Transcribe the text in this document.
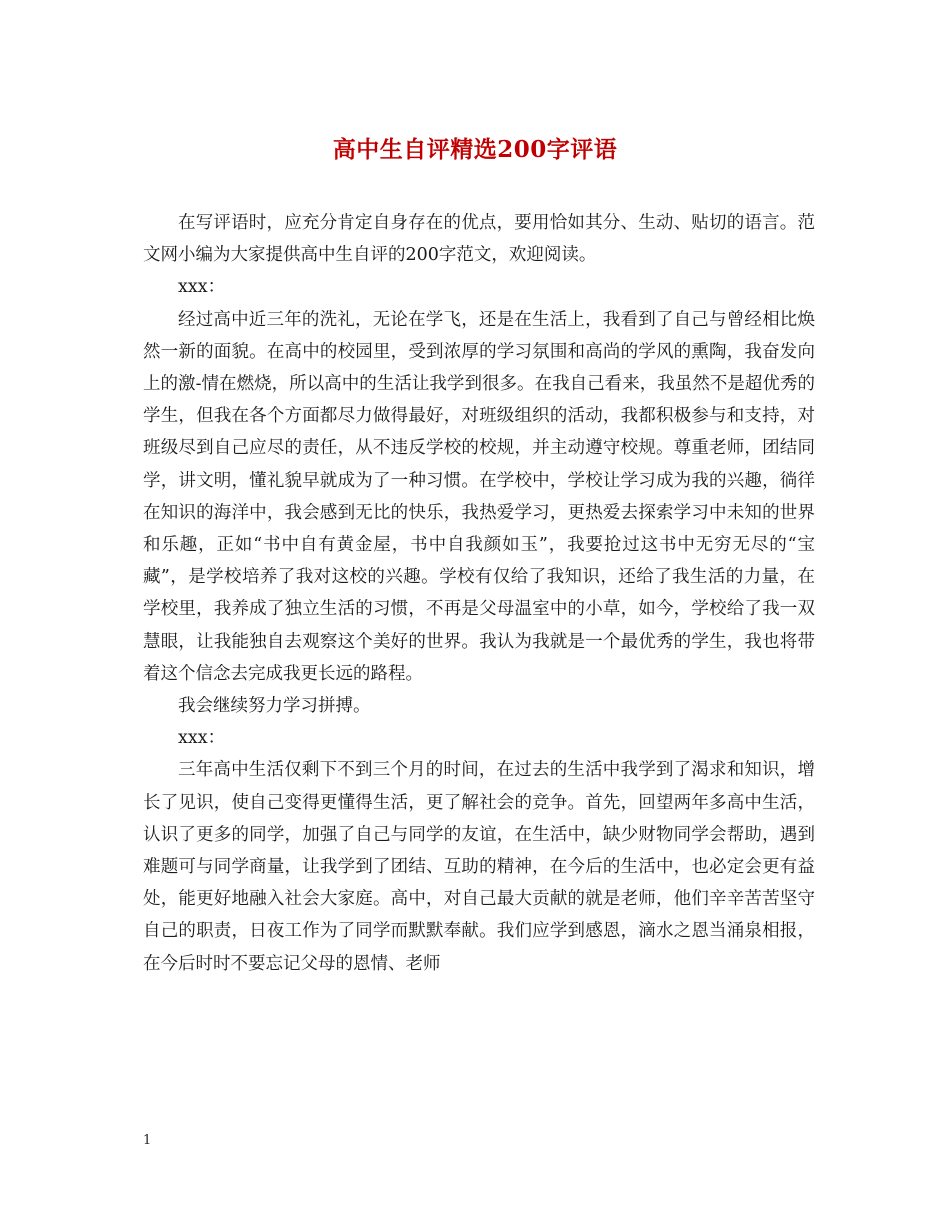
高中生自评精选200字评语

在写评语时，应充分肯定自身存在的优点，要用恰如其分、生动、贴切的语言。范文网小编为大家提供高中生自评的200字范文，欢迎阅读。

xxx：

经过高中近三年的洗礼，无论在学飞，还是在生活上，我看到了自己与曾经相比焕然一新的面貌。在高中的校园里，受到浓厚的学习氛围和高尚的学风的熏陶，我奋发向上的激-情在燃烧，所以高中的生活让我学到很多。在我自己看来，我虽然不是超优秀的学生，但我在各个方面都尽力做得最好，对班级组织的活动，我都积极参与和支持，对班级尽到自己应尽的责任，从不违反学校的校规，并主动遵守校规。尊重老师，团结同学，讲文明，懂礼貌早就成为了一种习惯。在学校中，学校让学习成为我的兴趣，徜徉在知识的海洋中，我会感到无比的快乐，我热爱学习，更热爱去探索学习中未知的世界和乐趣，正如“书中自有黄金屋，书中自我颜如玉”，我要抢过这书中无穷无尽的“宝藏”，是学校培养了我对这校的兴趣。学校有仅给了我知识，还给了我生活的力量，在学校里，我养成了独立生活的习惯，不再是父母温室中的小草，如今，学校给了我一双慧眼，让我能独自去观察这个美好的世界。我认为我就是一个最优秀的学生，我也将带着这个信念去完成我更长远的路程。

我会继续努力学习拼搏。

xxx：

三年高中生活仅剩下不到三个月的时间，在过去的生活中我学到了渴求和知识，增长了见识，使自己变得更懂得生活，更了解社会的竞争。首先，回望两年多高中生活，认识了更多的同学，加强了自己与同学的友谊，在生活中，缺少财物同学会帮助，遇到难题可与同学商量，让我学到了团结、互助的精神，在今后的生活中，也必定会更有益处，能更好地融入社会大家庭。高中，对自己最大贡献的就是老师，他们辛辛苦苦坚守自己的职责，日夜工作为了同学而默默奉献。我们应学到感恩，滴水之恩当涌泉相报，在今后时时不要忘记父母的恩情、老师

1
